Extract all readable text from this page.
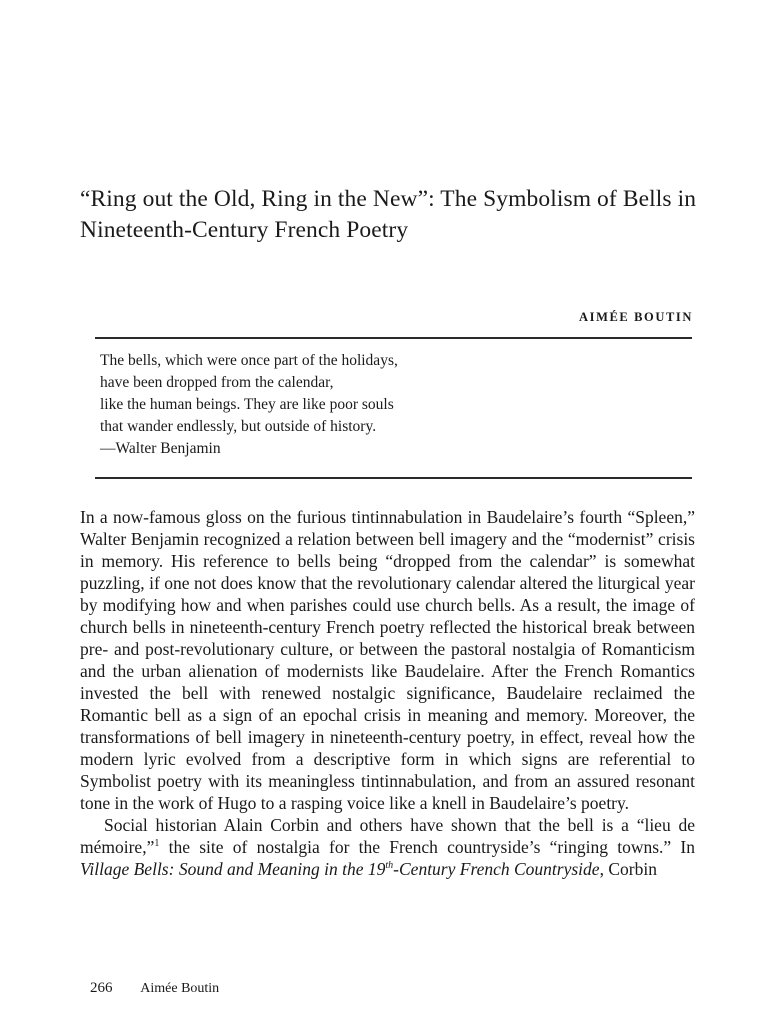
“Ring out the Old, Ring in the New”: The Symbolism of Bells in Nineteenth-Century French Poetry
AIMÉE BOUTIN
The bells, which were once part of the holidays,
have been dropped from the calendar,
like the human beings. They are like poor souls
that wander endlessly, but outside of history.
—Walter Benjamin

In a now-famous gloss on the furious tintinnabulation in Baudelaire’s fourth “Spleen,” Walter Benjamin recognized a relation between bell imagery and the “modernist” crisis in memory. His reference to bells being “dropped from the calendar” is somewhat puzzling, if one not does know that the revolutionary calendar altered the liturgical year by modifying how and when parishes could use church bells. As a result, the image of church bells in nineteenth-century French poetry reflected the historical break between pre- and post-revolutionary culture, or between the pastoral nostalgia of Romanticism and the urban alienation of modernists like Baudelaire. After the French Romantics invested the bell with renewed nostalgic significance, Baudelaire reclaimed the Romantic bell as a sign of an epochal crisis in meaning and memory. Moreover, the transformations of bell imagery in nineteenth-century poetry, in effect, reveal how the modern lyric evolved from a descriptive form in which signs are referential to Symbolist poetry with its meaningless tintinnabulation, and from an assured resonant tone in the work of Hugo to a rasping voice like a knell in Baudelaire’s poetry.

Social historian Alain Corbin and others have shown that the bell is a “lieu de mémoire,”$^1$ the site of nostalgia for the French countryside’s “ringing towns.” In Village Bells: Sound and Meaning in the 19th-Century French Countryside, Corbin

266 Aimée Boutin
